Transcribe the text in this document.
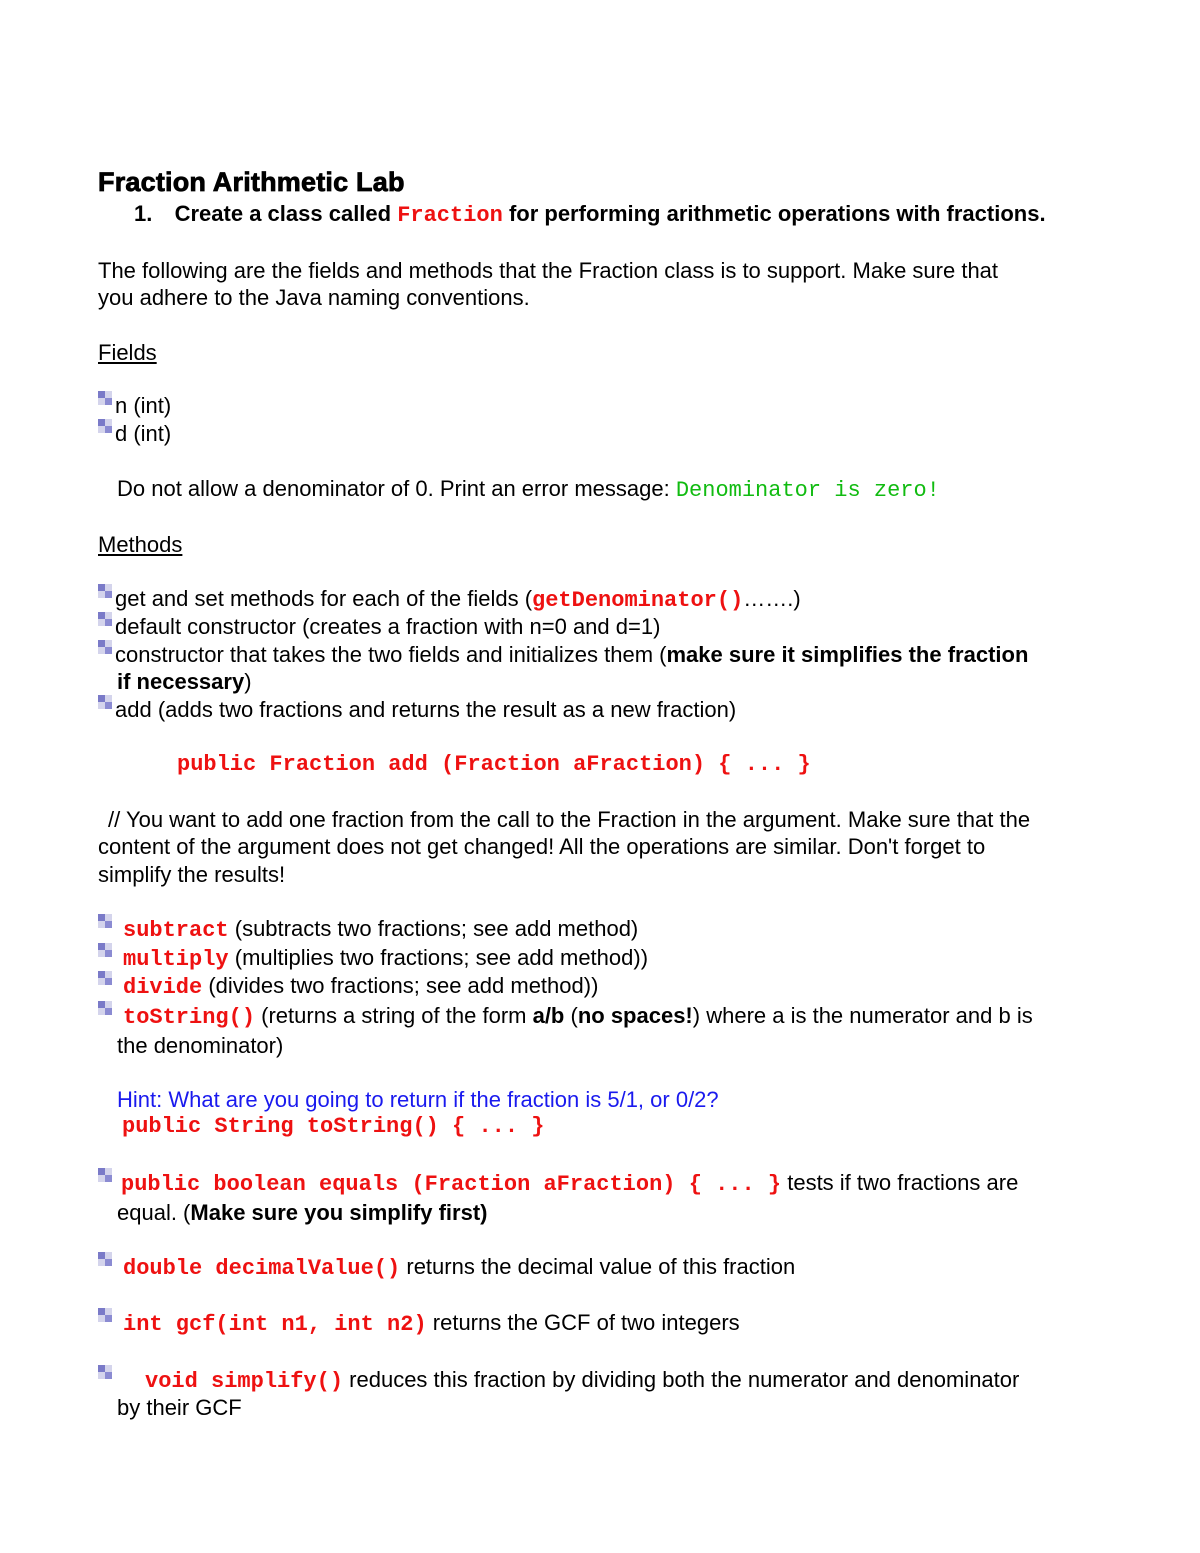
Fraction Arithmetic Lab
1. Create a class called Fraction for performing arithmetic operations with fractions.
The following are the fields and methods that the Fraction class is to support. Make sure that
you adhere to the Java naming conventions.
Fields
n (int)
d (int)
Do not allow a denominator of 0. Print an error message: Denominator is zero!
Methods
get and set methods for each of the fields (getDenominator()…….)
default constructor (creates a fraction with n=0 and d=1)
constructor that takes the two fields and initializes them (make sure it simplifies the fraction
if necessary)
add (adds two fractions and returns the result as a new fraction)
public Fraction add (Fraction aFraction) { ... }
// You want to add one fraction from the call to the Fraction in the argument. Make sure that the
content of the argument does not get changed! All the operations are similar. Don't forget to
simplify the results!
subtract (subtracts two fractions; see add method)
multiply (multiplies two fractions; see add method))
divide (divides two fractions; see add method))
toString() (returns a string of the form a/b (no spaces!) where a is the numerator and b is
the denominator)
Hint: What are you going to return if the fraction is 5/1, or 0/2?
public String toString() { ... }
public boolean equals (Fraction aFraction) { ... } tests if two fractions are
equal. (Make sure you simplify first)
double decimalValue() returns the decimal value of this fraction
int gcf(int n1, int n2) returns the GCF of two integers
void simplify() reduces this fraction by dividing both the numerator and denominator
by their GCF
